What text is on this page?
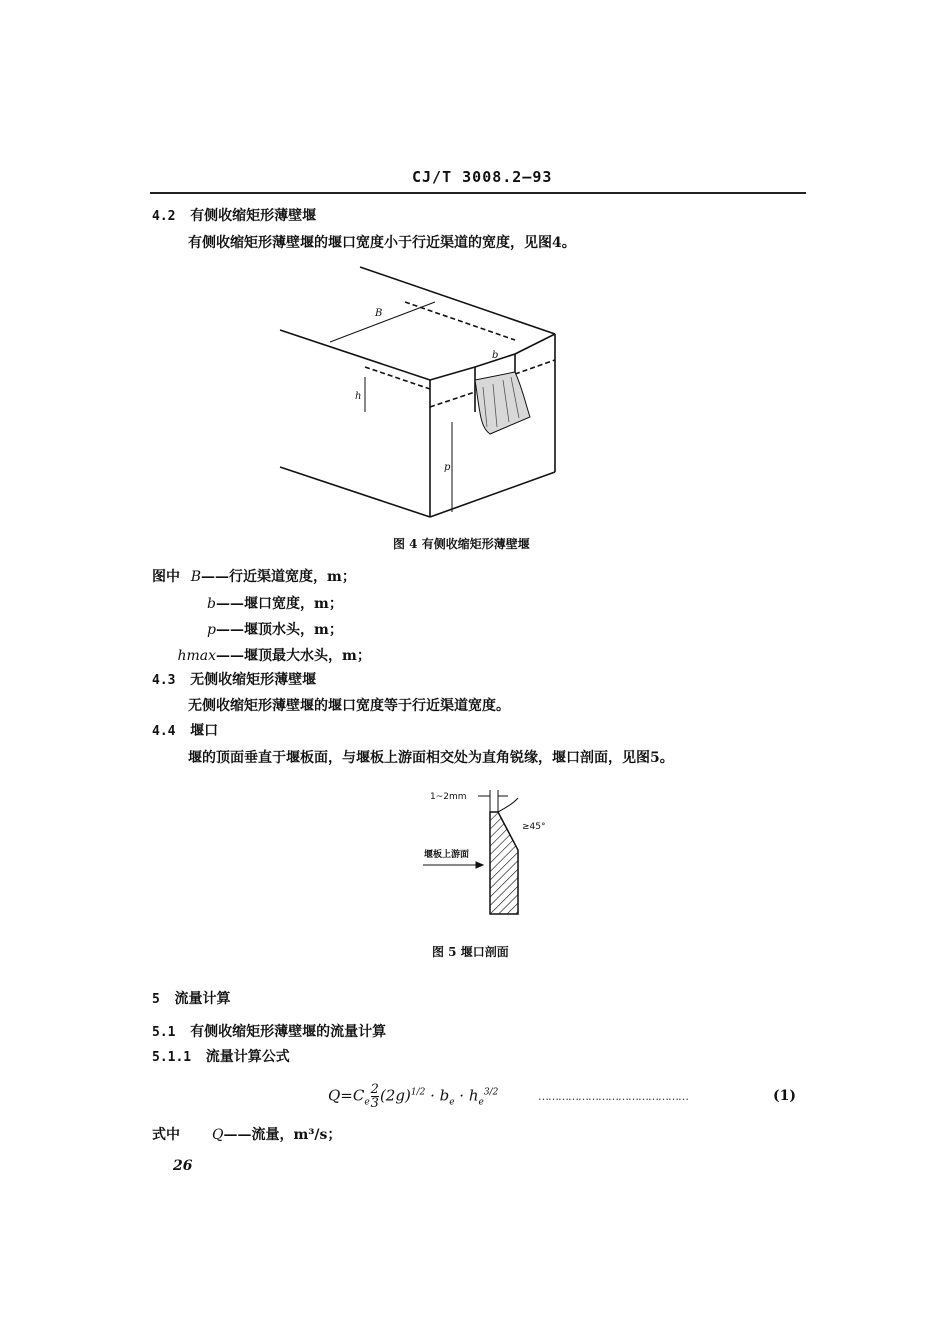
CJ/T 3008.2—93
4.2 有侧收缩矩形薄壁堰
有侧收缩矩形薄壁堰的堰口宽度小于行近渠道的宽度，见图4。
B
b
h
p
图 4 有侧收缩矩形薄壁堰
图中 B——行近渠道宽度，m；
b——堰口宽度，m；
p——堰顶水头，m；
hmax——堰顶最大水头，m；
4.3 无侧收缩矩形薄壁堰
无侧收缩矩形薄壁堰的堰口宽度等于行近渠道宽度。
4.4 堰口
堰的顶面垂直于堰板面，与堰板上游面相交处为直角锐缘，堰口剖面，见图5。
1~2mm
≥45°
堰板上游面
图 5 堰口剖面
5 流量计算
5.1 有侧收缩矩形薄壁堰的流量计算
5.1.1 流量计算公式
$Q=C_e \frac{2}{3} (2g)^{1/2} \cdot b_e \cdot h_e^{3/2}$	………………………………………	(1)
式中 Q——流量，m³/s；
26
